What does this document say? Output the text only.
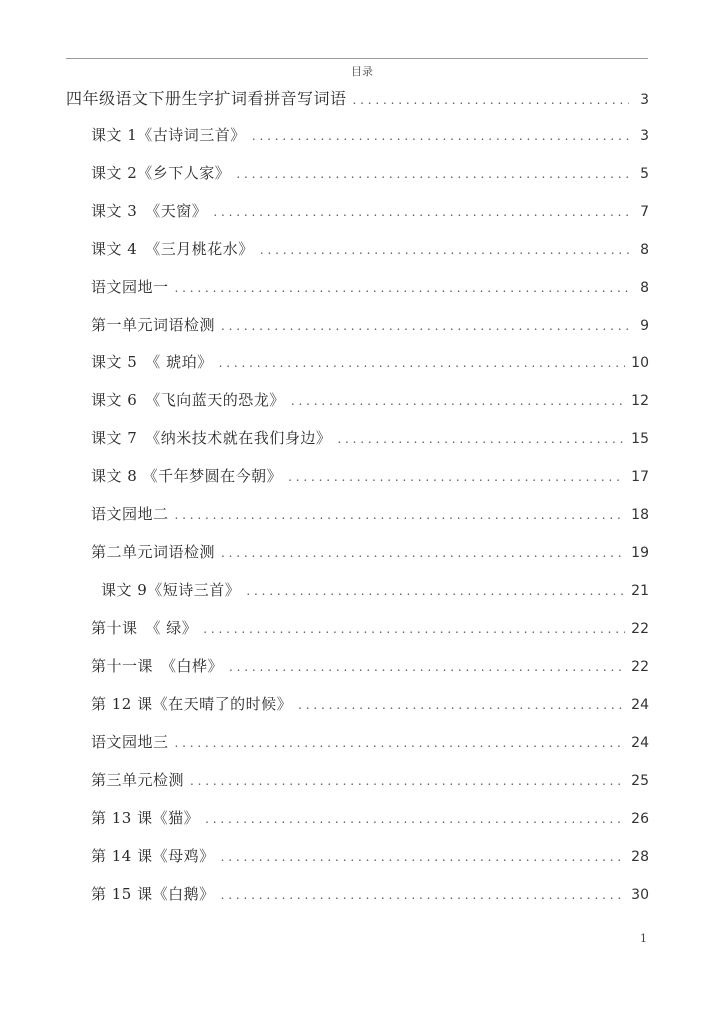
目录
四年级语文下册生字扩词看拼音写词语 . . .	3
课文 1《古诗词三首》 . . .	3
课文 2《乡下人家》 . . .	5
课文 3　《天窗》 . . .	7
课文 4　《三月桃花水》 . . .	8
语文园地一 . . .	8
第一单元词语检测 . . .	9
课文 5　《 琥珀》 . . .	10
课文 6　《飞向蓝天的恐龙》 . . .	12
课文 7　《纳米技术就在我们身边》 . . .	15
课文 8 《千年梦圆在今朝》 . . .	17
语文园地二 . . .	18
第二单元词语检测 . . .	19
课文 9《短诗三首》 . . .	21
第十课　《 绿》 . . .	22
第十一课　《白桦》 . . .	22
第 12 课《在天晴了的时候》 . . .	24
语文园地三 . . .	24
第三单元检测 . . .	25
第 13 课《猫》 . . .	26
第 14 课《母鸡》 . . .	28
第 15 课《白鹅》 . . .	30
1
